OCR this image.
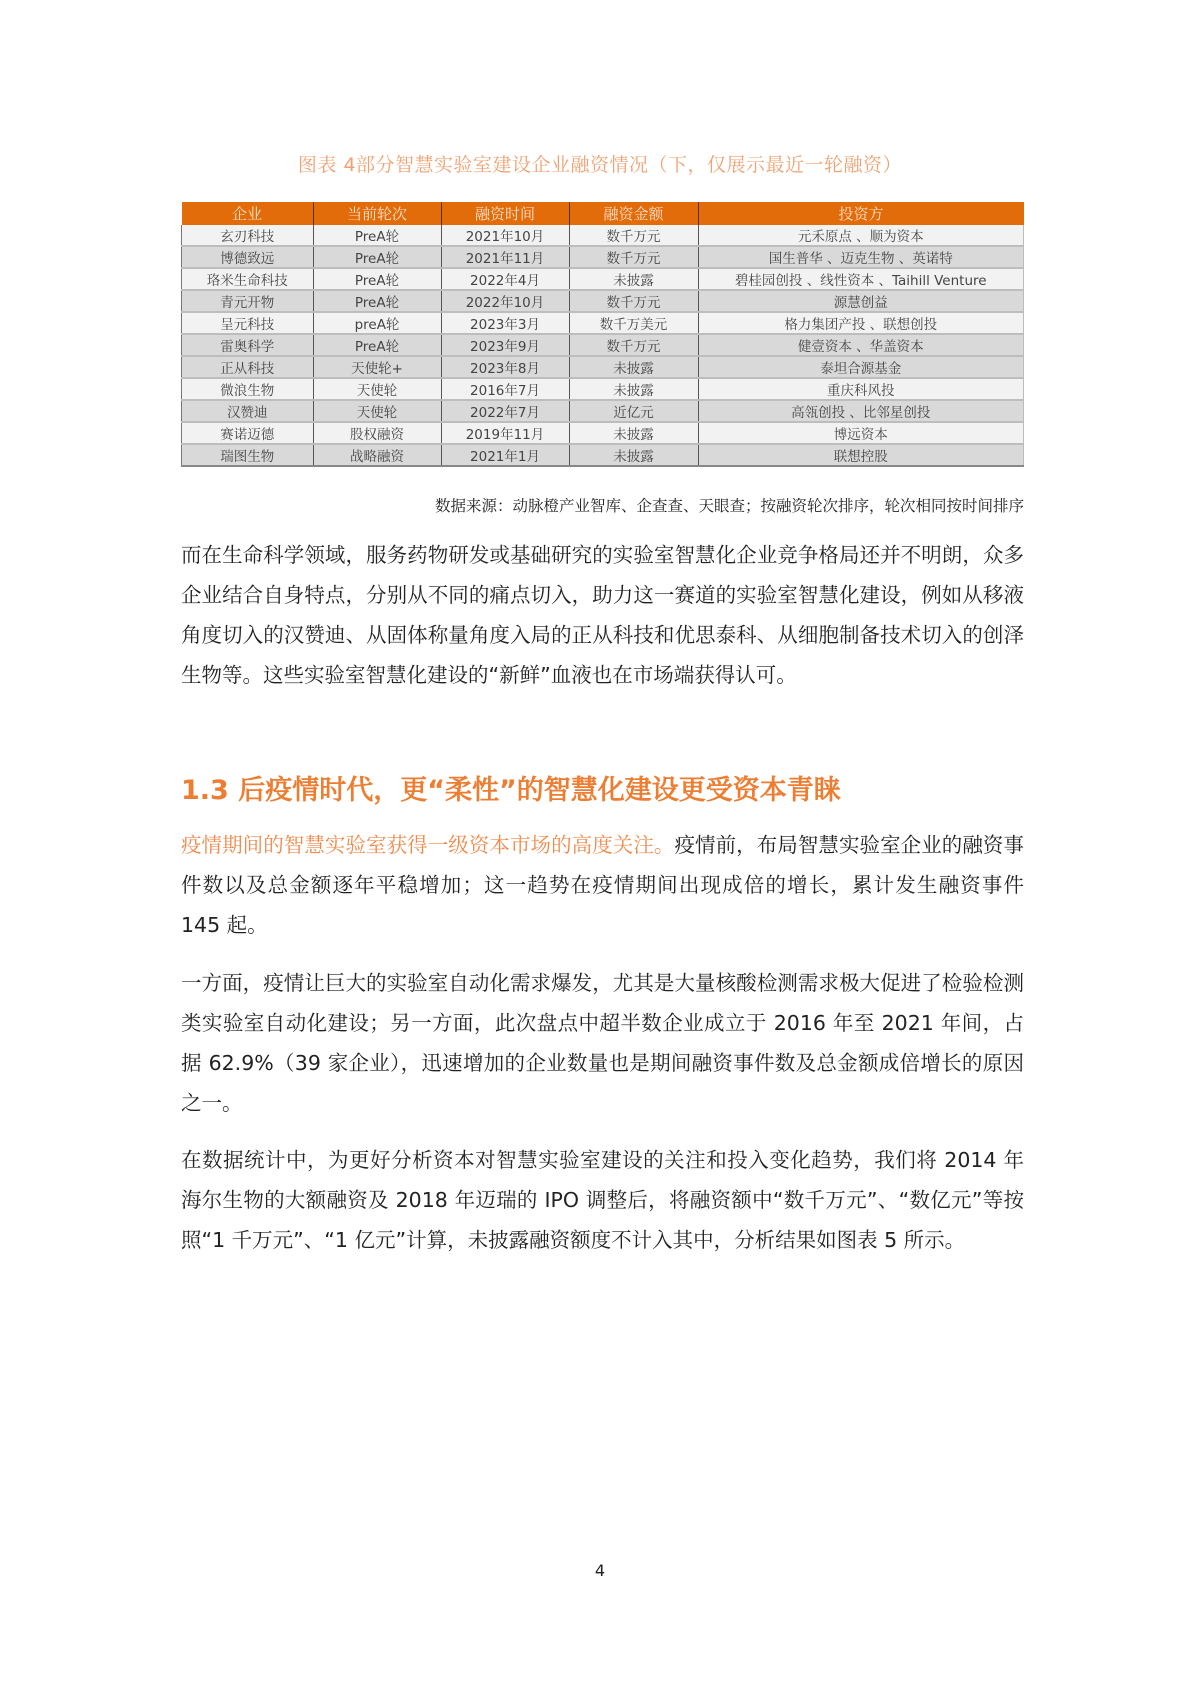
图表 4部分智慧实验室建设企业融资情况（下，仅展示最近一轮融资）
企业	当前轮次	融资时间	融资金额	投资方
玄刃科技	PreA轮	2021年10月	数千万元	元禾原点 、顺为资本
博德致远	PreA轮	2021年11月	数千万元	国生普华 、迈克生物 、英诺特
珞米生命科技	PreA轮	2022年4月	未披露	碧桂园创投 、线性资本 、Taihill Venture
青元开物	PreA轮	2022年10月	数千万元	源慧创益
呈元科技	preA轮	2023年3月	数千万美元	格力集团产投 、联想创投
雷奥科学	PreA轮	2023年9月	数千万元	健壹资本 、华盖资本
正从科技	天使轮+	2023年8月	未披露	泰坦合源基金
微浪生物	天使轮	2016年7月	未披露	重庆科风投
汉赞迪	天使轮	2022年7月	近亿元	高瓴创投 、比邻星创投
赛诺迈德	股权融资	2019年11月	未披露	博远资本
瑞图生物	战略融资	2021年1月	未披露	联想控股
数据来源：动脉橙产业智库、企查查、天眼查；按融资轮次排序，轮次相同按时间排序

而在生命科学领域，服务药物研发或基础研究的实验室智慧化企业竞争格局还并不明朗，众多企业结合自身特点，分别从不同的痛点切入，助力这一赛道的实验室智慧化建设，例如从移液角度切入的汉赞迪、从固体称量角度入局的正从科技和优思泰科、从细胞制备技术切入的创泽生物等。这些实验室智慧化建设的“新鲜”血液也在市场端获得认可。

1.3 后疫情时代，更“柔性”的智慧化建设更受资本青睐

疫情期间的智慧实验室获得一级资本市场的高度关注。疫情前，布局智慧实验室企业的融资事件数以及总金额逐年平稳增加；这一趋势在疫情期间出现成倍的增长，累计发生融资事件 145 起。

一方面，疫情让巨大的实验室自动化需求爆发，尤其是大量核酸检测需求极大促进了检验检测类实验室自动化建设；另一方面，此次盘点中超半数企业成立于 2016 年至 2021 年间，占据 62.9%（39 家企业），迅速增加的企业数量也是期间融资事件数及总金额成倍增长的原因之一。

在数据统计中，为更好分析资本对智慧实验室建设的关注和投入变化趋势，我们将 2014 年海尔生物的大额融资及 2018 年迈瑞的 IPO 调整后，将融资额中“数千万元”、“数亿元”等按照“1 千万元”、“1 亿元”计算，未披露融资额度不计入其中，分析结果如图表 5 所示。

4
